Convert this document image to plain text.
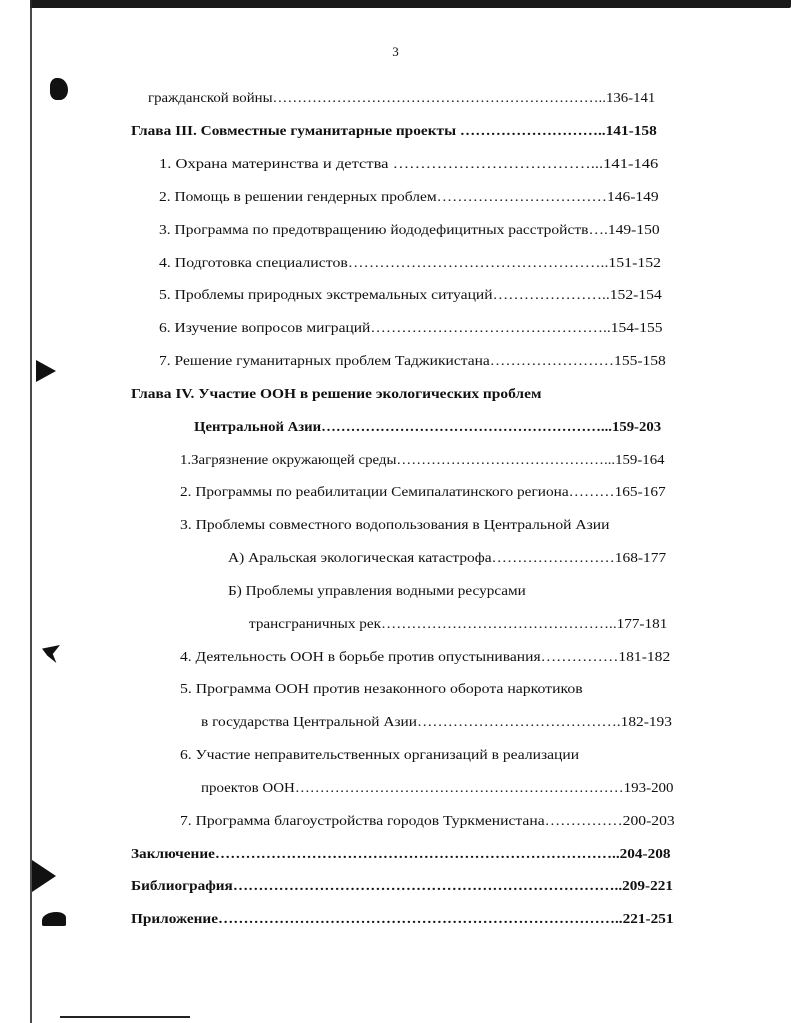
3
гражданской войны…………………………………………………………..136-141
Глава III. Совместные гуманитарные проекты ………………………..141-158
1. Охрана материнства и детства ………………………………...141-146
2. Помощь в решении гендерных проблем……………………………146-149
3. Программа по предотвращению йододефицитных расстройств….149-150
4. Подготовка специалистов…………………………………………..151-152
5. Проблемы природных экстремальных ситуаций…………………..152-154
6. Изучение вопросов миграций………………………………………..154-155
7. Решение гуманитарных проблем Таджикистана……………………155-158
Глава IV. Участие ООН в решение экологических проблем
Центральной Азии…………………………………………………...159-203
1.Загрязнение окружающей среды……………………………………...159-164
2. Программы по реабилитации Семипалатинского региона………165-167
3. Проблемы совместного водопользования в Центральной Азии
А) Аральская экологическая катастрофа……………………168-177
Б) Проблемы управления водными ресурсами
трансграничных рек………………………………………..177-181
4. Деятельность ООН в борьбе против опустынивания……………181-182
5. Программа ООН против незаконного оборота наркотиков
в государства Центральной Азии………………………………….182-193
6. Участие неправительственных организаций в реализации
проектов ООН…………………………………………………………193-200
7. Программа благоустройства городов Туркменистана……………200-203
Заключение……………………………………………………………………..204-208
Библиография…………………………………………………………………..209-221
Приложение……………………………………………………………………..221-251
